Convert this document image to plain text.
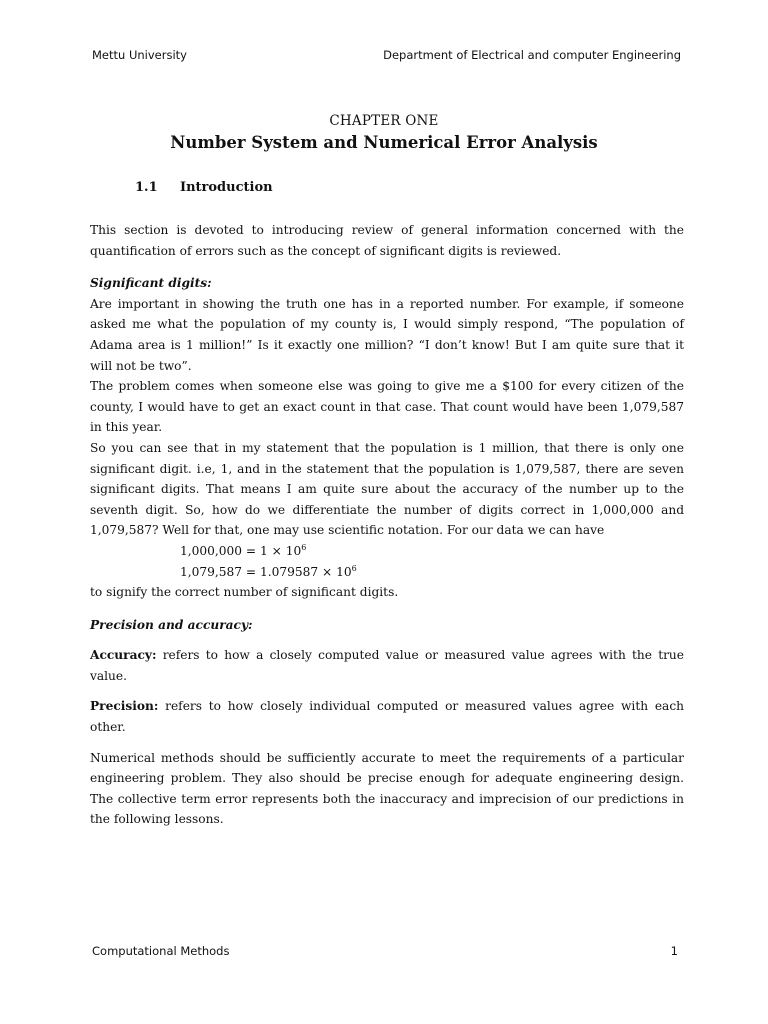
Mettu University	Department of Electrical and computer Engineering
CHAPTER ONE
Number System and Numerical Error Analysis
1.1 Introduction

This section is devoted to introducing review of general information concerned with the quantification of errors such as the concept of significant digits is reviewed.

Significant digits:

Are important in showing the truth one has in a reported number. For example, if someone asked me what the population of my county is, I would simply respond, “The population of Adama area is 1 million!” Is it exactly one million? “I don’t know! But I am quite sure that it will not be two”.

The problem comes when someone else was going to give me a $100 for every citizen of the county, I would have to get an exact count in that case. That count would have been 1,079,587 in this year.

So you can see that in my statement that the population is 1 million, that there is only one significant digit. i.e, 1, and in the statement that the population is 1,079,587, there are seven significant digits. That means I am quite sure about the accuracy of the number up to the seventh digit. So, how do we differentiate the number of digits correct in 1,000,000 and 1,079,587? Well for that, one may use scientific notation. For our data we can have

$1,000,000 = 1 \times 10^6$
$1,079,587 = 1.079587 \times 10^6$

to signify the correct number of significant digits.

Precision and accuracy:

Accuracy: refers to how a closely computed value or measured value agrees with the true value.

Precision: refers to how closely individual computed or measured values agree with each other.

Numerical methods should be sufficiently accurate to meet the requirements of a particular engineering problem. They also should be precise enough for adequate engineering design. The collective term error represents both the inaccuracy and imprecision of our predictions in the following lessons.

Computational Methods	1
